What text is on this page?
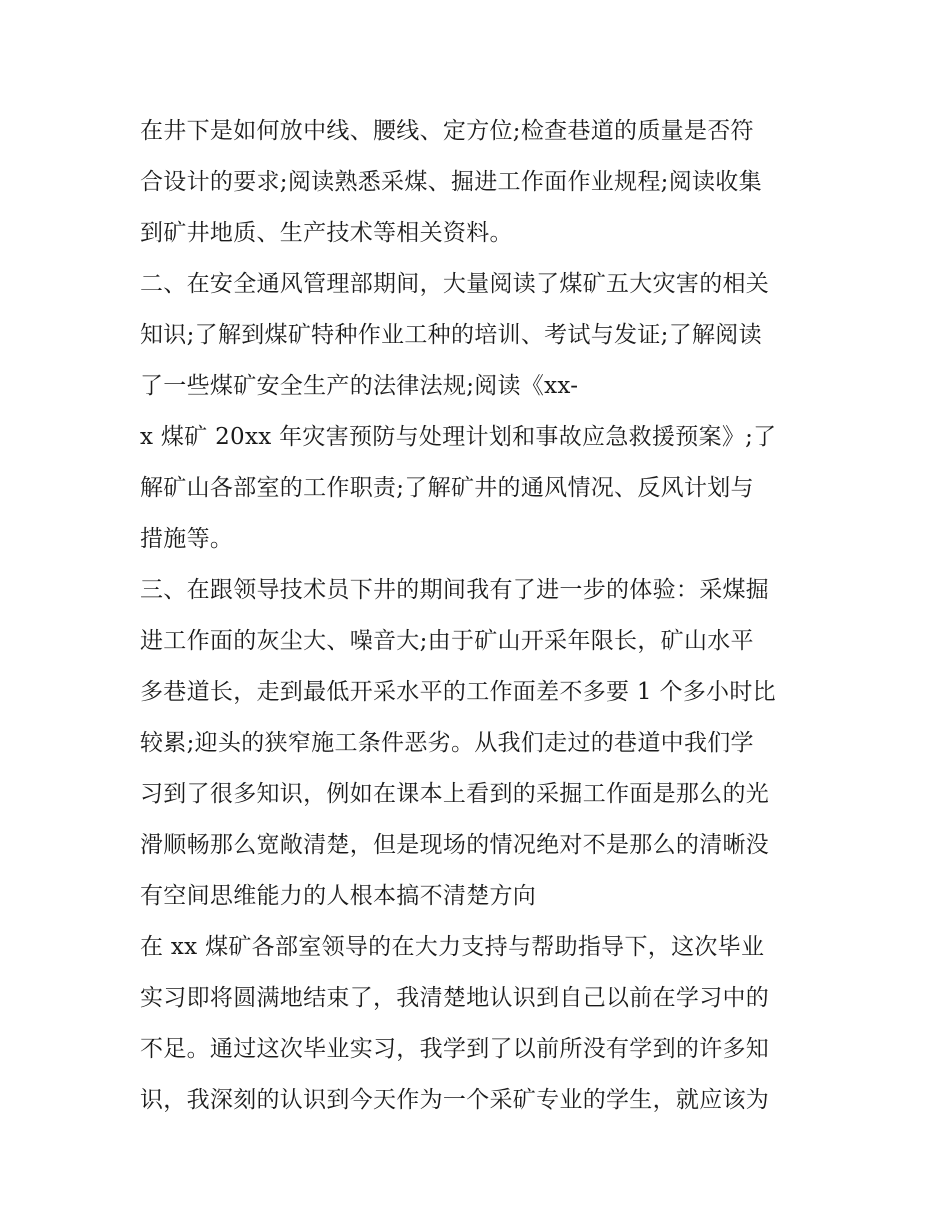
在井下是如何放中线、腰线、定方位;检查巷道的质量是否符
合设计的要求;阅读熟悉采煤、掘进工作面作业规程;阅读收集
到矿井地质、生产技术等相关资料。
二、在安全通风管理部期间，大量阅读了煤矿五大灾害的相关
知识;了解到煤矿特种作业工种的培训、考试与发证;了解阅读
了一些煤矿安全生产的法律法规;阅读《xx-
x 煤矿 20xx 年灾害预防与处理计划和事故应急救援预案》;了
解矿山各部室的工作职责;了解矿井的通风情况、反风计划与
措施等。
三、在跟领导技术员下井的期间我有了进一步的体验：采煤掘
进工作面的灰尘大、噪音大;由于矿山开采年限长，矿山水平
多巷道长，走到最低开采水平的工作面差不多要 1 个多小时比
较累;迎头的狭窄施工条件恶劣。从我们走过的巷道中我们学
习到了很多知识，例如在课本上看到的采掘工作面是那么的光
滑顺畅那么宽敞清楚，但是现场的情况绝对不是那么的清晰没
有空间思维能力的人根本搞不清楚方向
在 xx 煤矿各部室领导的在大力支持与帮助指导下，这次毕业
实习即将圆满地结束了，我清楚地认识到自己以前在学习中的
不足。通过这次毕业实习，我学到了以前所没有学到的许多知
识，我深刻的认识到今天作为一个采矿专业的学生，就应该为
